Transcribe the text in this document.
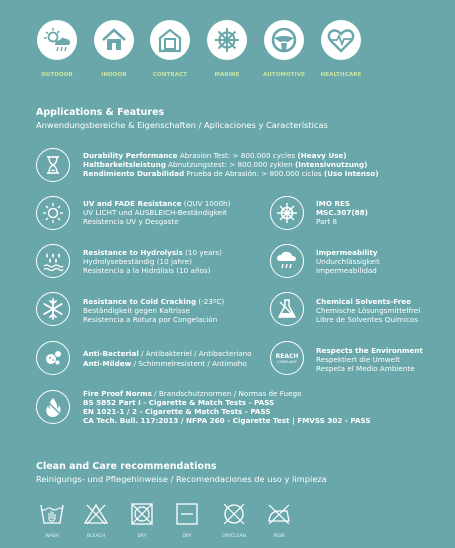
OUTDOOR	INDOOR	CONTRACT	MARINE	AUTOMOTIVE	HEALTHCARE
Applications & Features
Anwendungsbereiche & Eigenschaften / Aplicaciones y Características
Durability Performance Abrasion Test: > 800.000 cycles (Heavy Use)
Haltbarkeitsleistung Abnutzungstest: > 800.000 zyklen (Intensivnutzung)
Rendimiento Durabilidad Prueba de Abrasión: > 800.000 ciclos (Uso Intenso)
UV and FADE Resistance (QUV 1000h)
UV LICHT und AUSBLEICH-Beständigkeit
Resistencia UV y Desgaste
IMO RES
MSC.307(88)
Part 8
Resistance to Hydrolysis (10 years)
Hydrolysebeständig (10 jahre)
Resistencia a la Hidrólisis (10 años)
Impermeability
Undurchlässigkeit
Impermeabilidad
Resistance to Cold Cracking (-23ºC)
Beständigkeit gegen Kaltrisse
Resistencia a Rotura por Congelación
Chemical Solvents-Free
Chemische Lösungsmittelfrei
Libre de Solventes Químicos
Anti-Bacterial / Antibakteriel / Antibacteriano
Anti-Mildew / Schimmelresistent / Antimoho
REACH
COMPLIANT
Respects the Environment
Respektiert die Umwelt
Respeta el Medio Ambiente
Fire Proof Norms / Brandschutznormen / Normas de Fuego
BS 5852 Part I - Cigarette & Match Tests - PASS
EN 1021-1 / 2 - Cigarette & Match Tests - PASS
CA Tech. Bull. 117:2013 / NFPA 260 - Cigarette Test | FMVSS 302 - PASS
Clean and Care recommendations
Reinigungs- und Pflegehinweise / Recomendaciones de uso y limpieza
WASH	BLEACH	DRY	DRY	DRYCLEAN	IRON
